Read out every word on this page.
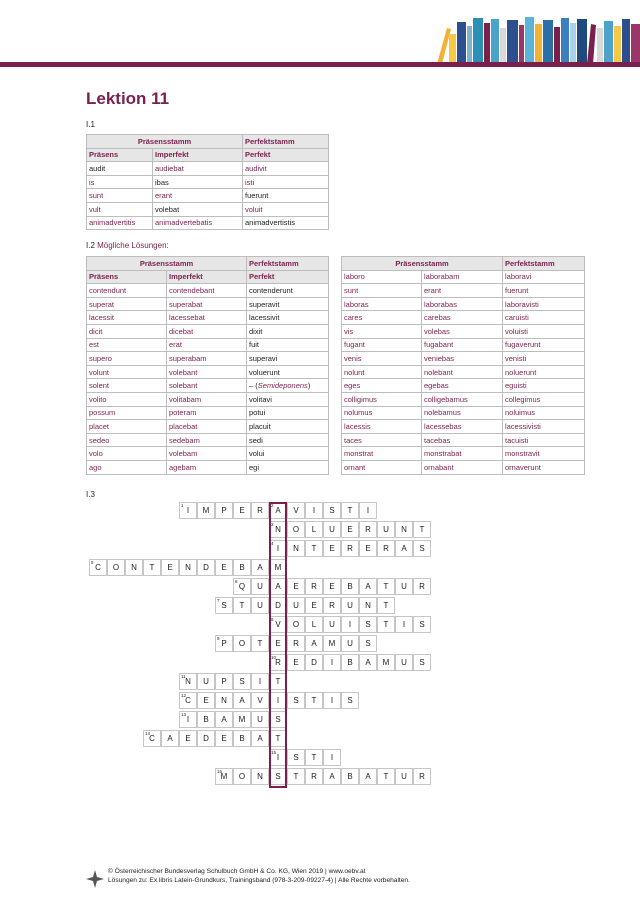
Lektion 11
I.1
Präsensstamm		Perfektstamm
Präsens	Imperfekt	Perfekt
audit	audiebat	audivit
is	ibas	isti
sunt	erant	fuerunt
vult	volebat	voluit
animadvertitis	animadvertebatis	animadvertistis
I.2 Mögliche Lösungen:
Präsensstamm		Perfektstamm
Präsens	Imperfekt	Perfekt
contendunt	contendebant	contenderunt
superat	superabat	superavit
lacessit	lacessebat	lacessivit
dicit	dicebat	dixit
est	erat	fuit
supero	superabam	superavi
volunt	volebant	voluerunt
solent	solebant	– (Semideponens)
volito	volitabam	volitavi
possum	poteram	potui
placet	placebat	placuit
sedeo	sedebam	sedi
volo	volebam	volui
ago	agebam	egi
Präsensstamm		Perfektstamm
laboro	laborabam	laboravi
sunt	erant	fuerunt
laboras	laborabas	laboravisti
cares	carebas	caruisti
vis	volebas	voluisti
fugant	fugabant	fugaverunt
venis	veniebas	venisti
nolunt	nolebant	noluerunt
eges	egebas	eguisti
colligimus	colligebamus	collegimus
nolumus	nolebamus	noluimus
lacessis	lacessebas	lacessivisti
taces	tacebas	tacuisti
monstrat	monstrabat	monstravit
ornant	ornabant	ornaverunt
I.3
1
I M P E R
2
A V I S T I
2
N O L U E R U N T
4
I N T E R E R A S
5
C O N T E N D E B A M
6
Q U A E R E B A T U R
7
S T U D U E R U N T
8
V O L U I S T I S
9
P O T E R A M U S
10
R E D I B A M U S
11
N U P S I T
12
C E N A V I S T I S
13
I B A M U S
14
C A E D E B A T
15
I S T I
16
M O N S T R A B A T U R
© Österreichischer Bundesverlag Schulbuch GmbH & Co. KG, Wien 2019 | www.oebv.at
Lösungen zu: Ex libris Latein-Grundkurs, Trainingsband (978-3-209-09227-4) | Alle Rechte vorbehalten.
